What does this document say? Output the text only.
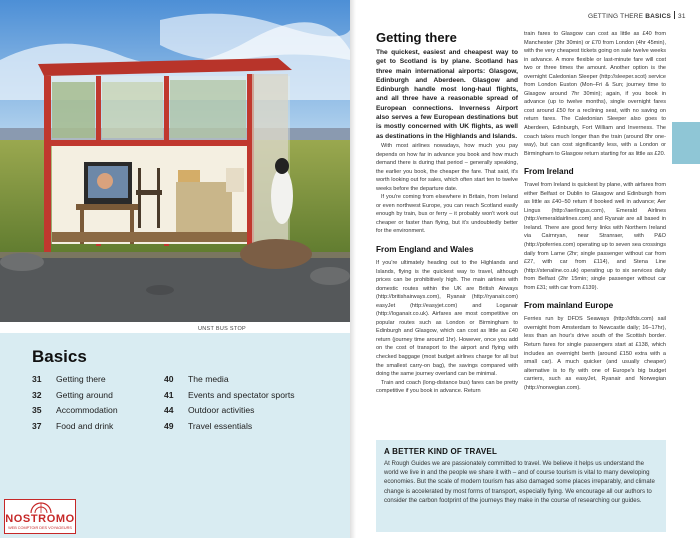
UNST BUS STOP
Basics
31 Getting there
32 Getting around
35 Accommodation
37 Food and drink
40 The media
41 Events and spectator sports
44 Outdoor activities
49 Travel essentials
NOSTROMO
WEB COMPTOIR DES VOYAGEURS
GETTING THERE BASICS 31
Getting there

The quickest, easiest and cheapest way to get to Scotland is by plane. Scotland has three main international airports: Glasgow, Edinburgh and Aberdeen. Glasgow and Edinburgh handle most long-haul flights, and all three have a reasonable spread of European connections. Inverness Airport also serves a few European destinations but is mostly concerned with UK flights, as well as destinations in the Highlands and Islands.

With most airlines nowadays, how much you pay depends on how far in advance you book and how much demand there is during that period – generally speaking, the earlier you book, the cheaper the fare. That said, it's worth looking out for sales, which often start ten to twelve weeks before the departure date.

If you're coming from elsewhere in Britain, from Ireland or even northwest Europe, you can reach Scotland easily enough by train, bus or ferry – it probably won't work out cheaper or faster than flying, but it's undoubtedly better for the environment.

From England and Wales

If you're ultimately heading out to the Highlands and Islands, flying is the quickest way to travel, although prices can be prohibitively high. The main airlines with domestic routes within the UK are British Airways (http://britishairways.com), Ryanair (http://ryanair.com) easyJet (http://easyjet.com) and Loganair (http://loganair.co.uk). Airfares are most competitive on popular routes such as London or Birmingham to Edinburgh and Glasgow, which can cost as little as £40 return (journey time around 1hr). However, once you add on the cost of transport to the airport and flying with checked baggage (most budget airlines charge for all but the smallest carry-on bag), the savings compared with doing the same journey overland can be minimal.

Train and coach (long-distance bus) fares can be pretty competitive if you book in advance. Return

train fares to Glasgow can cost as little as £40 from Manchester (3hr 30min) or £70 from London (4hr 45min), with the very cheapest tickets going on sale twelve weeks in advance. A more flexible or last-minute fare will cost two or three times the amount. Another option is the overnight Caledonian Sleeper (http://sleeper.scot) service from London Euston (Mon–Fri & Sun; journey time to Glasgow around 7hr 30min); again, if you book in advance (up to twelve months), single overnight fares cost around £50 for a reclining seat, with no saving on return fares. The Caledonian Sleeper also goes to Aberdeen, Edinburgh, Fort William and Inverness. The coach takes much longer than the train (around 8hr one-way), but can cost significantly less, with a London or Birmingham to Glasgow return starting for as little as £20.

From Ireland

Travel from Ireland is quickest by plane, with airfares from either Belfast or Dublin to Glasgow and Edinburgh from as little as £40–50 return if booked well in advance; Aer Lingus (http://aerlingus.com), Emerald Airlines (http://emeraldairlines.com) and Ryanair are all based in Ireland. There are good ferry links with Northern Ireland via Cairnryan, near Stranraer, with P&O (http://poferries.com) operating up to seven sea crossings daily from Larne (2hr; single passenger without car from £27, with car from £114), and Stena Line (http://stenaline.co.uk) operating up to six services daily from Belfast (2hr 15min; single passenger without car from £31; with car from £139).

From mainland Europe

Ferries run by DFDS Seaways (http://dfds.com) sail overnight from Amsterdam to Newcastle daily; 16–17hr), less than an hour's drive south of the Scottish border. Return fares for single passengers start at £138, which includes an overnight berth (around £150 extra with a small car). A much quicker (and usually cheaper) alternative is to fly with one of Europe's big budget carriers, such as easyJet, Ryanair and Norwegian (http://norwegian.com).

A BETTER KIND OF TRAVEL
At Rough Guides we are passionately committed to travel. We believe it helps us understand the world we live in and the people we share it with – and of course tourism is vital to many developing economies. But the scale of modern tourism has also damaged some places irreparably, and climate change is accelerated by most forms of transport, especially flying. We encourage all our authors to consider the carbon footprint of the journeys they make in the course of researching our guides.
